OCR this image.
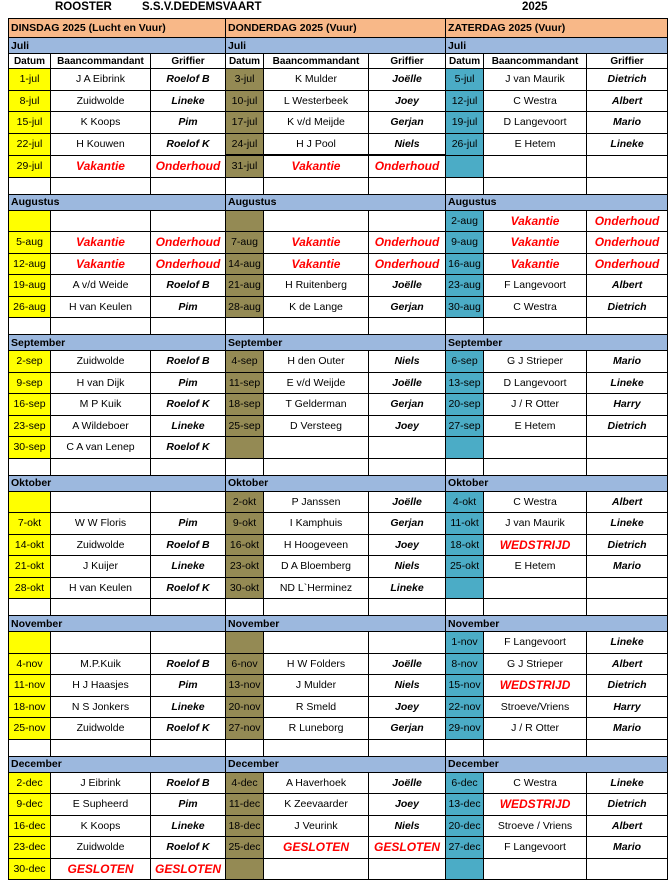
ROOSTER	S.S.V.DEDEMSVAART	2025
DINSDAG 2025 (Lucht en Vuur)			DONDERDAG 2025 (Vuur)			ZATERDAG 2025 (Vuur)		
Juli			Juli			Juli		
Datum	Baancommandant	Griffier	Datum	Baancommandant	Griffier	Datum	Baancommandant	Griffier
1-jul	J A Eibrink	Roelof B	3-jul	K Mulder	Joëlle	5-jul	J van Maurik	Dietrich
8-jul	Zuidwolde	Lineke	10-jul	L Westerbeek	Joey	12-jul	C Westra	Albert
15-jul	K Koops	Pim	17-jul	K v/d Meijde	Gerjan	19-jul	D Langevoort	Mario
22-jul	H Kouwen	Roelof K	24-jul	H J Pool	Niels	26-jul	E Hetem	Lineke
29-jul	Vakantie	Onderhoud	31-jul	Vakantie	Onderhoud			

Augustus			Augustus			Augustus		
						2-aug	Vakantie	Onderhoud
5-aug	Vakantie	Onderhoud	7-aug	Vakantie	Onderhoud	9-aug	Vakantie	Onderhoud
12-aug	Vakantie	Onderhoud	14-aug	Vakantie	Onderhoud	16-aug	Vakantie	Onderhoud
19-aug	A v/d Weide	Roelof B	21-aug	H Ruitenberg	Joëlle	23-aug	F Langevoort	Albert
26-aug	H van Keulen	Pim	28-aug	K de Lange	Gerjan	30-aug	C Westra	Dietrich

September			September			September		
2-sep	Zuidwolde	Roelof B	4-sep	H den Outer	Niels	6-sep	G J Strieper	Mario
9-sep	H van Dijk	Pim	11-sep	E v/d Weijde	Joëlle	13-sep	D Langevoort	Lineke
16-sep	M P Kuik	Roelof K	18-sep	T Gelderman	Gerjan	20-sep	J / R Otter	Harry
23-sep	A Wildeboer	Lineke	25-sep	D Versteeg	Joey	27-sep	E Hetem	Dietrich
30-sep	C A van Lenep	Roelof K						

Oktober			Oktober			Oktober		
			2-okt	P Janssen	Joëlle	4-okt	C Westra	Albert
7-okt	W W Floris	Pim	9-okt	I Kamphuis	Gerjan	11-okt	J van Maurik	Lineke
14-okt	Zuidwolde	Roelof B	16-okt	H Hoogeveen	Joey	18-okt	WEDSTRIJD	Dietrich
21-okt	J Kuijer	Lineke	23-okt	D A Bloemberg	Niels	25-okt	E Hetem	Mario
28-okt	H van Keulen	Roelof K	30-okt	ND L`Herminez	Lineke			

November			November			November		
						1-nov	F Langevoort	Lineke
4-nov	M.P.Kuik	Roelof B	6-nov	H W Folders	Joëlle	8-nov	G J Strieper	Albert
11-nov	H J Haasjes	Pim	13-nov	J Mulder	Niels	15-nov	WEDSTRIJD	Dietrich
18-nov	N S Jonkers	Lineke	20-nov	R Smeld	Joey	22-nov	Stroeve/Vriens	Harry
25-nov	Zuidwolde	Roelof K	27-nov	R Luneborg	Gerjan	29-nov	J / R Otter	Mario

December			December			December		
2-dec	J Eibrink	Roelof B	4-dec	A Haverhoek	Joëlle	6-dec	C Westra	Lineke
9-dec	E Supheerd	Pim	11-dec	K Zeevaarder	Joey	13-dec	WEDSTRIJD	Dietrich
16-dec	K Koops	Lineke	18-dec	J Veurink	Niels	20-dec	Stroeve / Vriens	Albert
23-dec	Zuidwolde	Roelof K	25-dec	GESLOTEN	GESLOTEN	27-dec	F Langevoort	Mario
30-dec	GESLOTEN	GESLOTEN						
